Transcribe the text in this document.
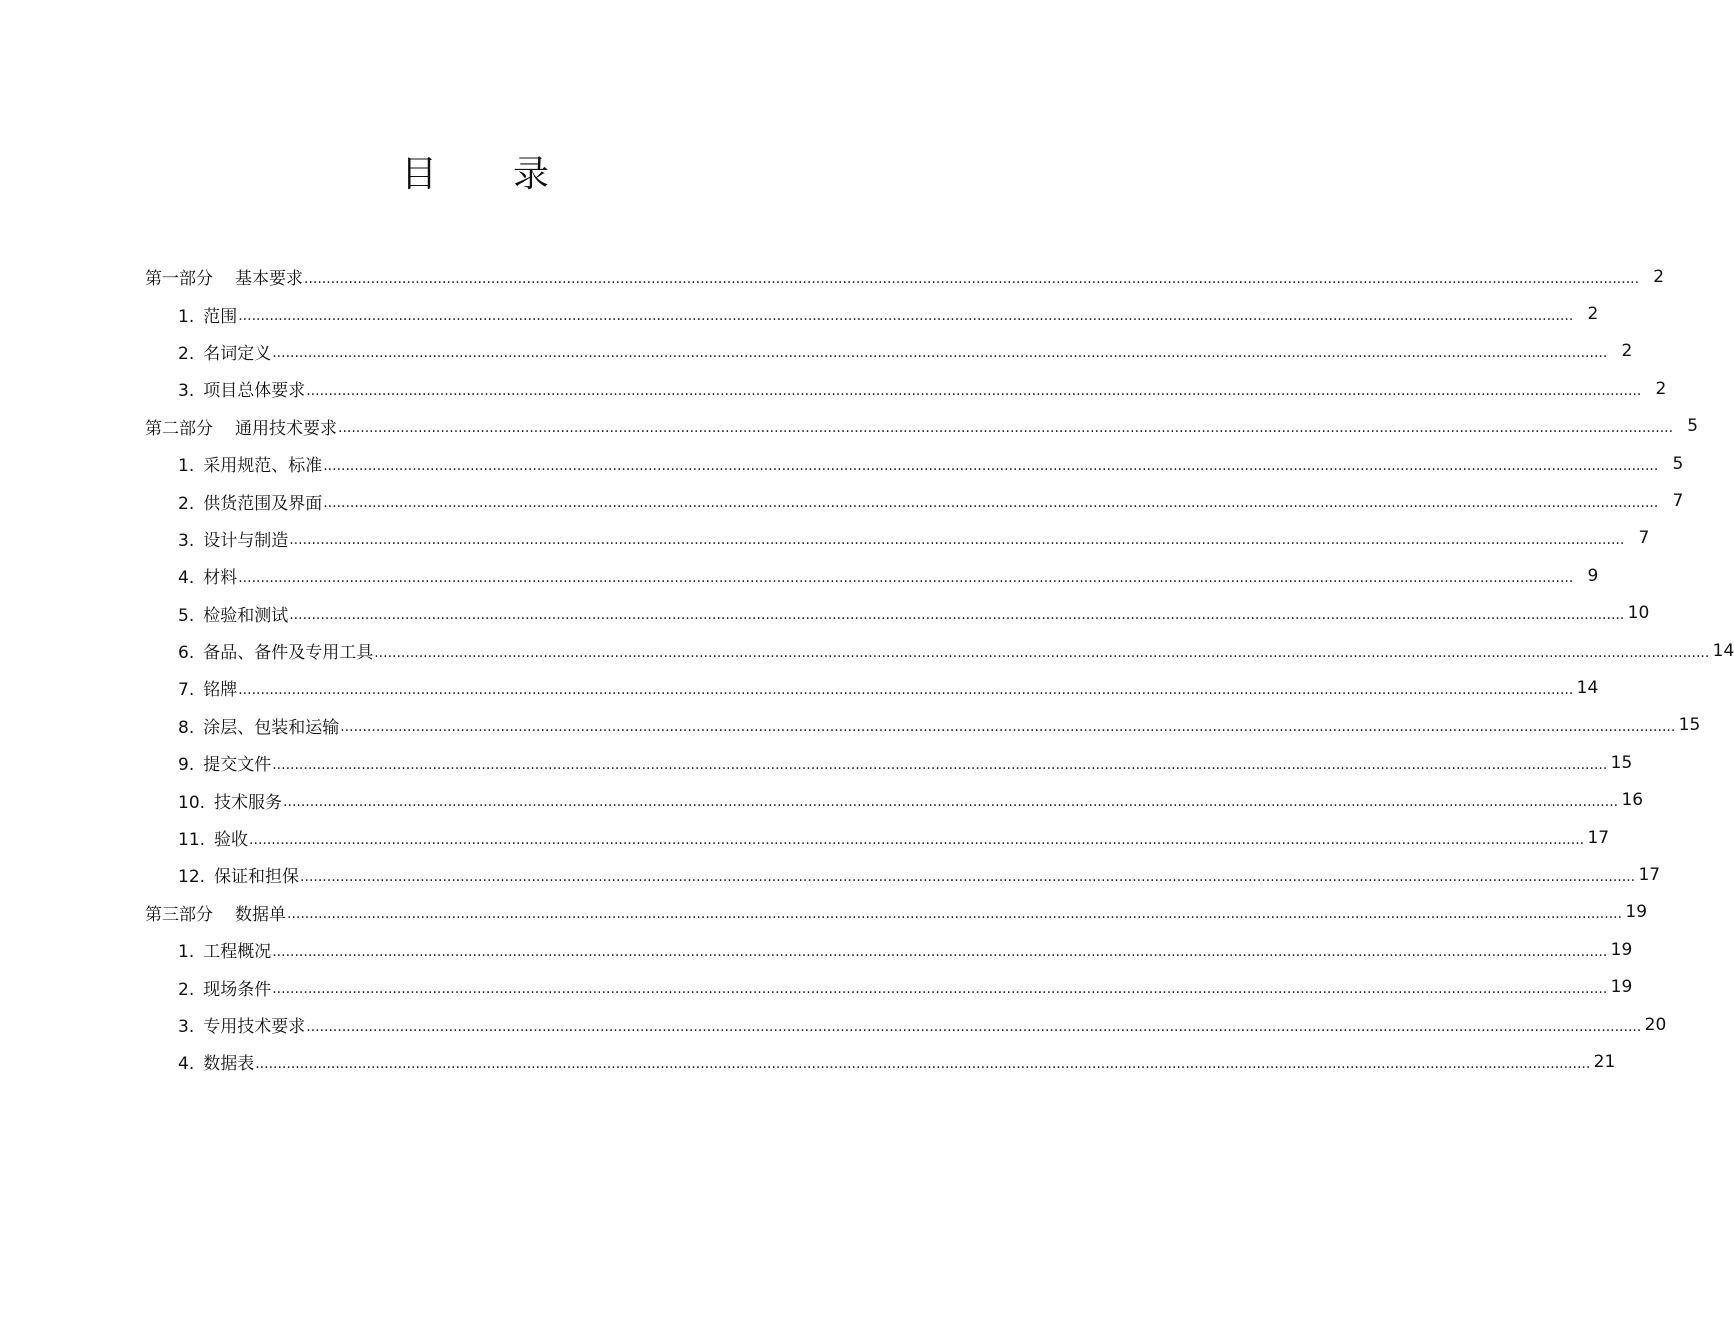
目 录
第一部分 基本要求 ............................................................................................................................................................................................................................................................................................................ 2
1. 范围 ............................................................................................................................................................................................................................................................................................................ 2
2. 名词定义 ............................................................................................................................................................................................................................................................................................................ 2
3. 项目总体要求 ............................................................................................................................................................................................................................................................................................................ 2
第二部分 通用技术要求 ............................................................................................................................................................................................................................................................................................................ 5
1. 采用规范、标准 ............................................................................................................................................................................................................................................................................................................ 5
2. 供货范围及界面 ............................................................................................................................................................................................................................................................................................................ 7
3. 设计与制造 ............................................................................................................................................................................................................................................................................................................ 7
4. 材料 ............................................................................................................................................................................................................................................................................................................ 9
5. 检验和测试 ............................................................................................................................................................................................................................................................................................................ 10
6. 备品、备件及专用工具 ............................................................................................................................................................................................................................................................................................................ 14
7. 铭牌 ............................................................................................................................................................................................................................................................................................................ 14
8. 涂层、包装和运输 ............................................................................................................................................................................................................................................................................................................ 15
9. 提交文件 ............................................................................................................................................................................................................................................................................................................ 15
10. 技术服务 ............................................................................................................................................................................................................................................................................................................ 16
11. 验收 ............................................................................................................................................................................................................................................................................................................ 17
12. 保证和担保 ............................................................................................................................................................................................................................................................................................................ 17
第三部分 数据单 ............................................................................................................................................................................................................................................................................................................ 19
1. 工程概况 ............................................................................................................................................................................................................................................................................................................ 19
2. 现场条件 ............................................................................................................................................................................................................................................................................................................ 19
3. 专用技术要求 ............................................................................................................................................................................................................................................................................................................ 20
4. 数据表 ............................................................................................................................................................................................................................................................................................................ 21
